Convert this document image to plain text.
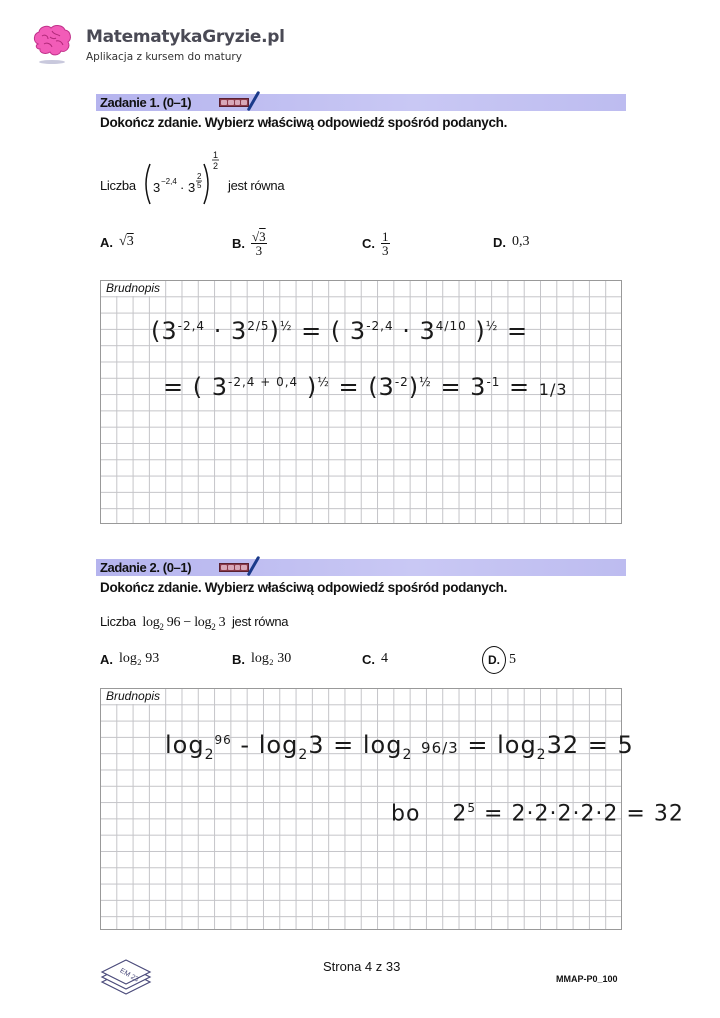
MatematykaGryzie.pl
Aplikacja z kursem do matury
Zadanie 1. (0–1)
Dokończ zdanie. Wybierz właściwą odpowiedź spośród podanych.
Liczba 3 −2,4 · 3
2
5
1
2
jest równa
A. √3	B. $\frac{√3}{3}$	C. $\frac{1}{3}$	D. 0,3
Brudnopis
$(3^{-2,4} \cdot 3^{2/5})^{\frac{1}{2}}$ = ( $3^{-2,4} \cdot 3^{4/10}$ )$^{\frac{1}{2}}$ =
= ( $3^{-2,4 + 0,4}$ )$^{\frac{1}{2}} = (3^{-2})^{\frac{1}{2}} = 3^{-1} = 1/3$
Zadanie 2. (0–1)
Dokończ zdanie. Wybierz właściwą odpowiedź spośród podanych.
Liczba $\log_2 96 - \log_2 3$ jest równa
A. log₂ 93	B. log₂ 30	C. 4	D. 5
Brudnopis
$\log_2^{96} - \log_23 = \log_2 96/3 = \log_232 = 5$
bo    $2^5 = 2\cdot 2\cdot 2\cdot 2\cdot 2 = 32$
EM 23
Strona 4 z 33
MMAP-P0_100
